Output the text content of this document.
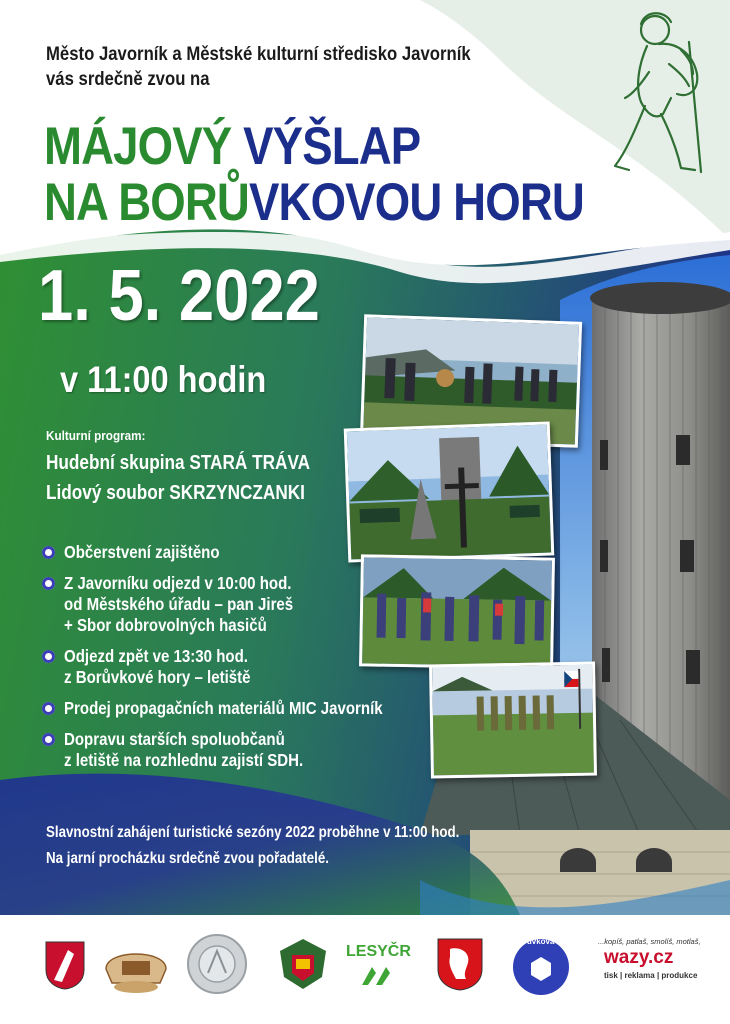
Město Javorník a Městské kulturní středisko Javorník
vás srdečně zvou na
MÁJOVÝ VÝŠLAP
NA BORŮVKOVOU HORU
1. 5. 2022
v 11:00 hodin
Kulturní program:
Hudební skupina STARÁ TRÁVA
Lidový soubor SKRZYNCZANKI
Občerstvení zajištěno
Z Javorníku odjezd v 10:00 hod.
od Městského úřadu – pan Jireš
+ Sbor dobrovolných hasičů
Odjezd zpět ve 13:30 hod.
z Borůvkové hory – letiště
Prodej propagačních materiálů MIC Javorník
Dopravu starších spoluobčanů
z letiště na rozhlednu zajistí SDH.
Slavnostní zahájení turistické sezóny 2022 proběhne v 11:00 hod.
Na jarní procházku srdečně zvou pořadatelé.
LESYČR
borůvková hora	...kopíš, patlaš, smolíš, motlaš,
wazy.cz
tisk | reklama | produkce
